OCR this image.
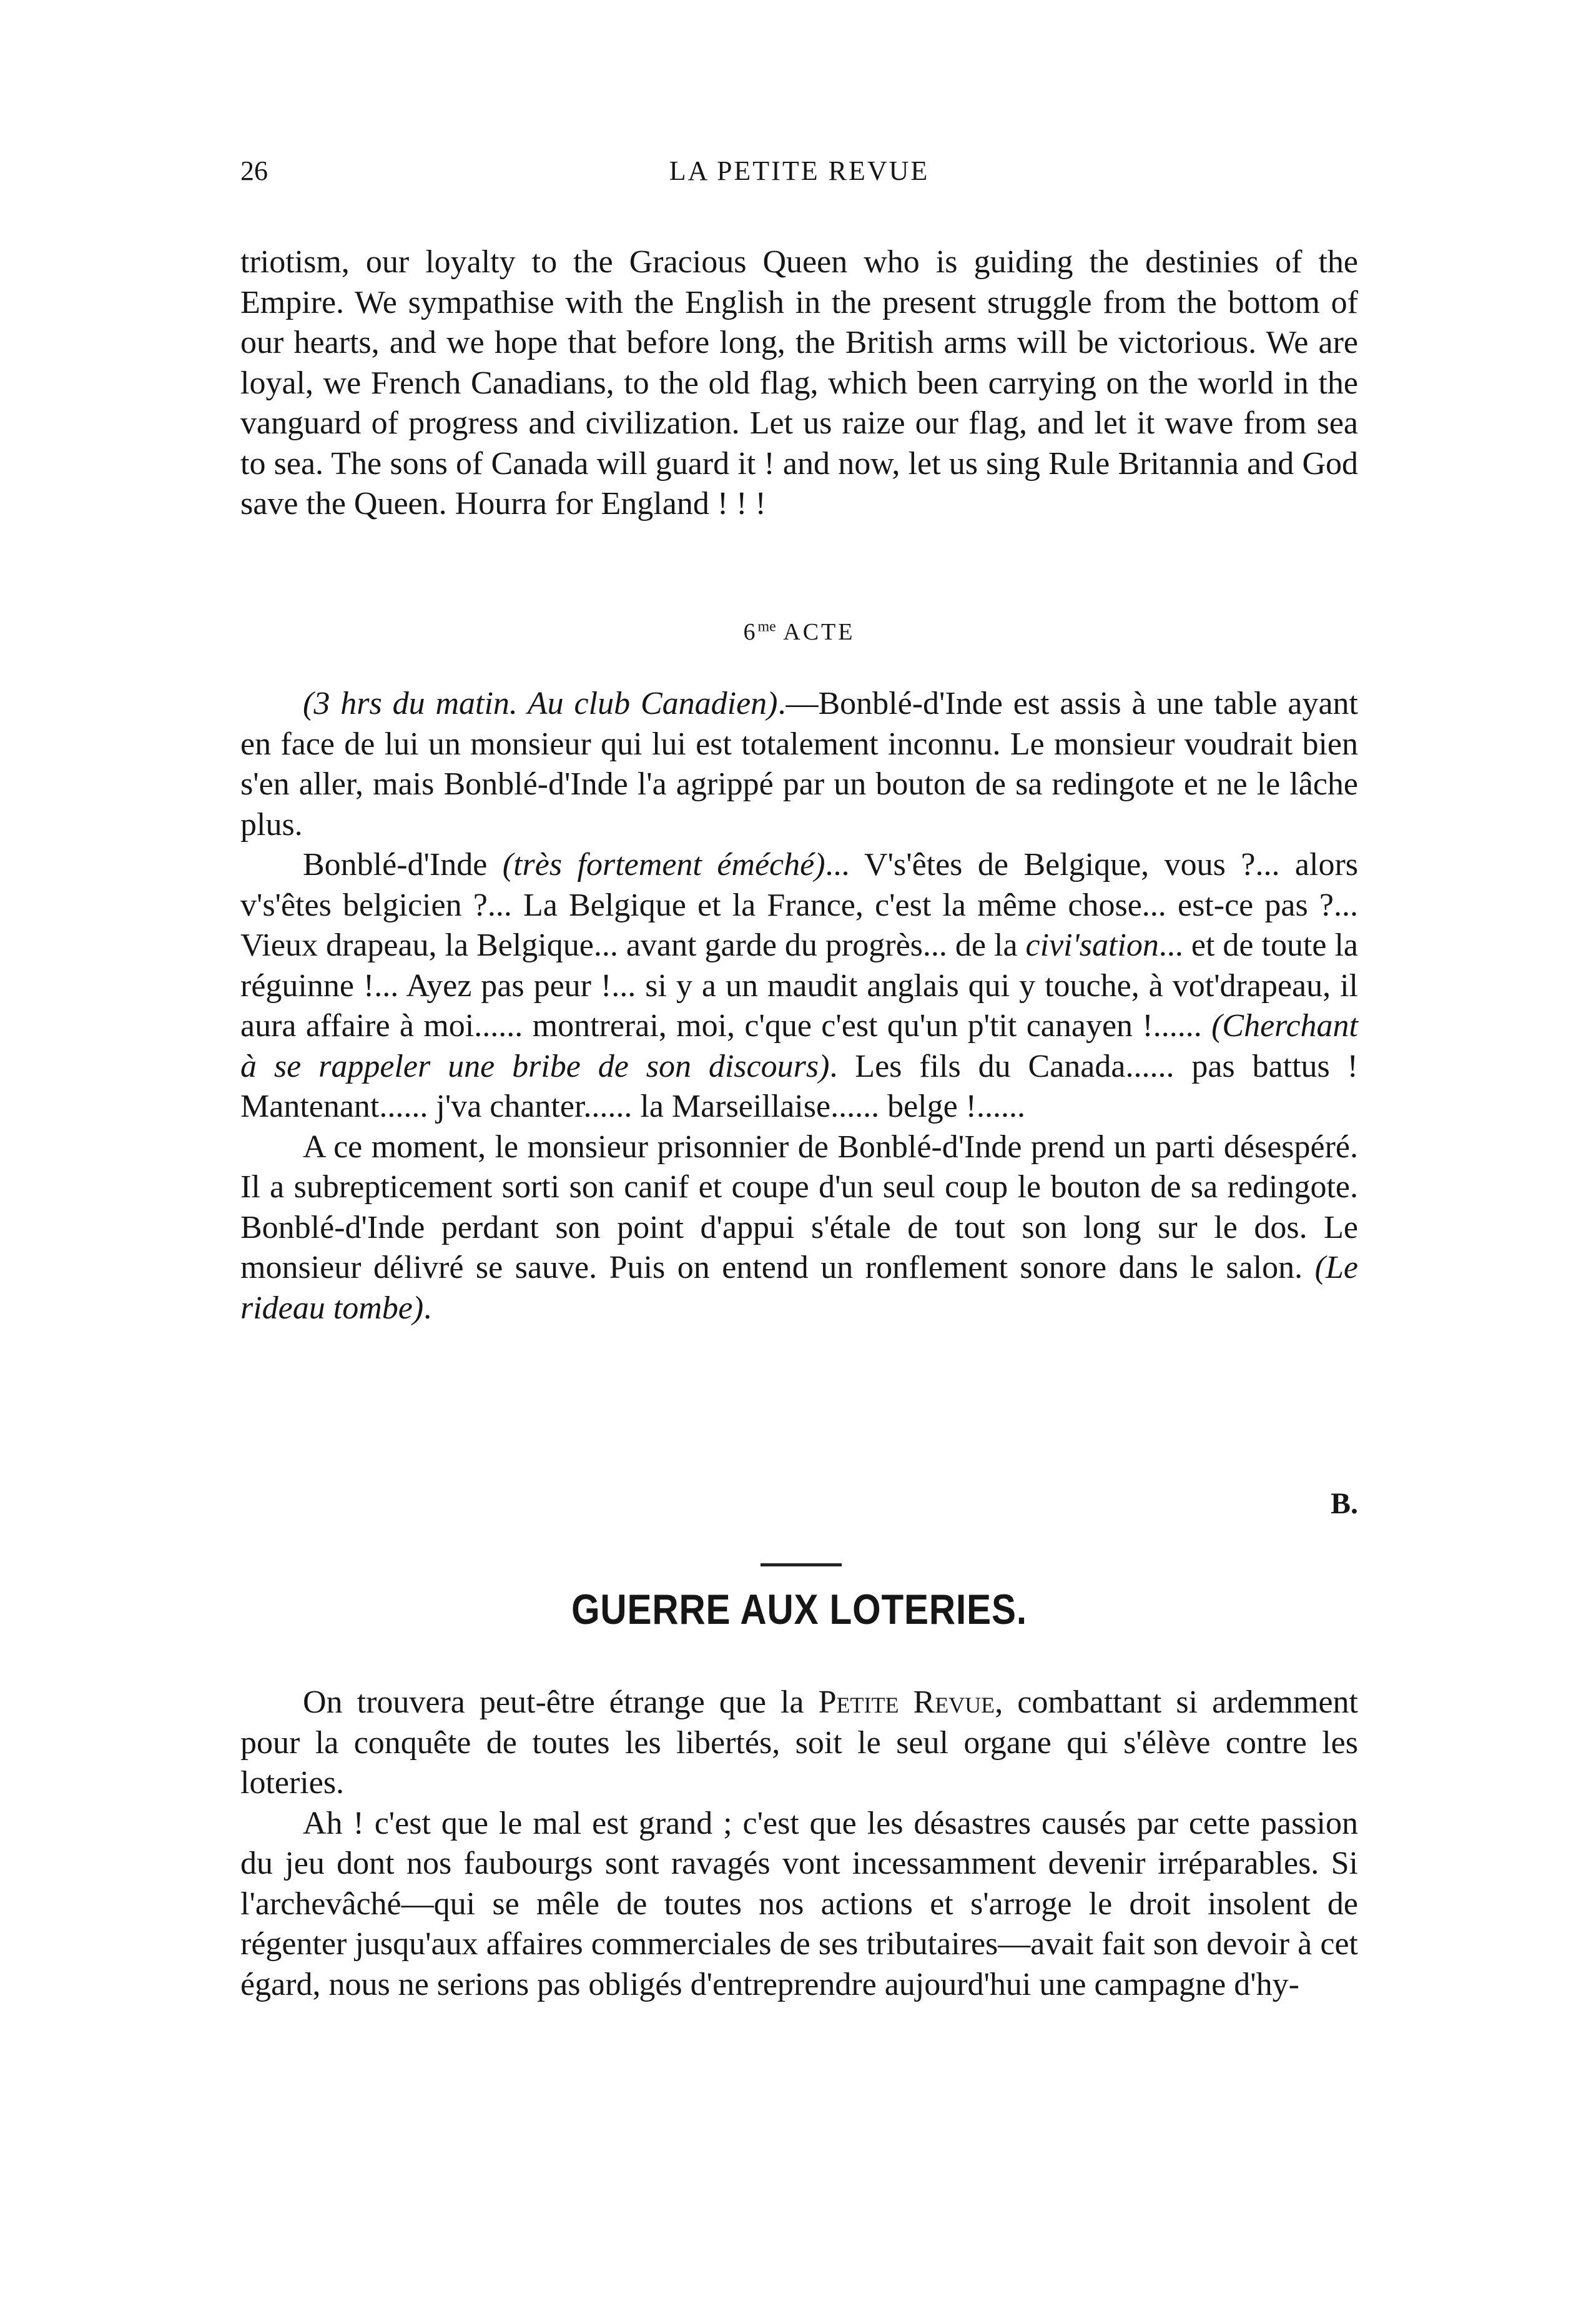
26	LA PETITE REVUE

triotism, our loyalty to the Gracious Queen who is guiding the destinies of the Empire. We sympathise with the English in the present struggle from the bottom of our hearts, and we hope that before long, the British arms will be victorious. We are loyal, we French Canadians, to the old flag, which been carrying on the world in the vanguard of progress and civilization. Let us raize our flag, and let it wave from sea to sea. The sons of Canada will guard it ! and now, let us sing Rule Britannia and God save the Queen. Hourra for England ! ! !

$6^{me}$ ACTE

(3 hrs du matin. Au club Canadien).—Bonblé-d'Inde est assis à une table ayant en face de lui un monsieur qui lui est totalement inconnu. Le monsieur voudrait bien s'en aller, mais Bonblé-d'Inde l'a agrippé par un bouton de sa redingote et ne le lâche plus.

Bonblé-d'Inde (très fortement éméché)... V's'êtes de Belgique, vous ?... alors v's'êtes belgicien ?... La Belgique et la France, c'est la même chose... est-ce pas ?... Vieux drapeau, la Belgique... avant garde du progrès... de la civi'sation... et de toute la réguinne !... Ayez pas peur !... si y a un maudit anglais qui y touche, à vot'drapeau, il aura affaire à moi...... montrerai, moi, c'que c'est qu'un p'tit canayen !...... (Cherchant à se rappeler une bribe de son discours). Les fils du Canada...... pas battus ! Mantenant...... j'va chanter...... la Marseillaise...... belge !......

A ce moment, le monsieur prisonnier de Bonblé-d'Inde prend un parti désespéré. Il a subrepticement sorti son canif et coupe d'un seul coup le bouton de sa redingote. Bonblé-d'Inde perdant son point d'appui s'étale de tout son long sur le dos. Le monsieur délivré se sauve. Puis on entend un ronflement sonore dans le salon. (Le rideau tombe).

B.
GUERRE AUX LOTERIES.

On trouvera peut-être étrange que la Petite Revue, combattant si ardemment pour la conquête de toutes les libertés, soit le seul organe qui s'élève contre les loteries.

Ah ! c'est que le mal est grand ; c'est que les désastres causés par cette passion du jeu dont nos faubourgs sont ravagés vont incessamment devenir irréparables. Si l'archevâché—qui se mêle de toutes nos actions et s'arroge le droit insolent de régenter jusqu'aux affaires commerciales de ses tributaires—avait fait son devoir à cet égard, nous ne serions pas obligés d'entreprendre aujourd'hui une campagne d'hy-
